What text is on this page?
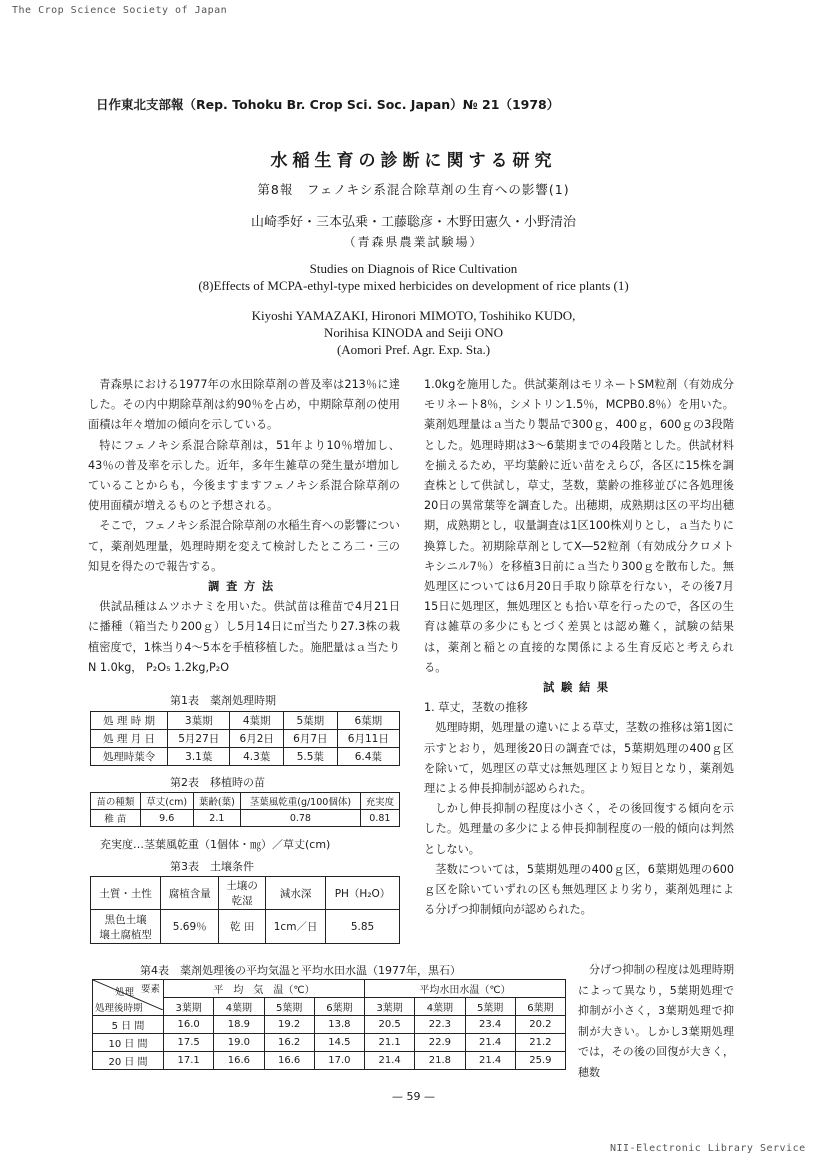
The Crop Science Society of Japan
日作東北支部報（Rep. Tohoku Br. Crop Sci. Soc. Japan）№ 21（1978）
水稲生育の診断に関する研究
第8報　フェノキシ系混合除草剤の生育への影響(1)
山崎季好・三本弘乗・工藤聡彦・木野田憲久・小野清治
（青森県農業試験場）
Studies on Diagnois of Rice Cultivation
(8)Effects of MCPA-ethyl-type mixed herbicides on development of rice plants (1)
Kiyoshi YAMAZAKI, Hironori MIMOTO, Toshihiko KUDO,
Norihisa KINODA and Seiji ONO
(Aomori Pref. Agr. Exp. Sta.)

青森県における1977年の水田除草剤の普及率は213％に達した。その内中期除草剤は約90％を占め，中期除草剤の使用面積は年々増加の傾向を示している。

特にフェノキシ系混合除草剤は，51年より10％増加し、43％の普及率を示した。近年，多年生雑草の発生量が増加していることからも，今後ますますフェノキシ系混合除草剤の使用面積が増えるものと予想される。

そこで，フェノキシ系混合除草剤の水稲生育への影響について，薬剤処理量，処理時期を変えて検討したところ二・三の知見を得たので報告する。

調査方法

供試品種はムツホナミを用いた。供試苗は稚苗で4月21日に播種（箱当たり200ｇ）し5月14日に㎡当たり27.3株の栽植密度で，1株当り4〜5本を手植移植した。施肥量はａ当たりN 1.0kg， P₂O₅ 1.2kg,P₂O

第1表　薬剤処理時期
処 理 時 期	3葉期	4葉期	5葉期	6葉期
処 理 月 日	5月27日	6月2日	6月7日	6月11日
処理時葉令	3.1葉	4.3葉	5.5葉	6.4葉
第2表　移植時の苗
苗の種類	草丈(cm)	葉齢(葉)	茎葉風乾重(g/100個体)	充実度
稚 苗	9.6	2.1	0.78	0.81
充実度…茎葉風乾重（1個体・㎎）／草丈(cm)
第3表　土壌条件
土質・土性	腐植含量	土壌の乾湿	減水深	PH（H₂O）
黒色土壌
壌土腐植型	5.69％	乾 田	1cm／日	5.85

1.0kgを施用した。供試薬剤はモリネートSM粒剤（有効成分モリネート8％，シメトリン1.5％，MCPB0.8％）を用いた。薬剤処理量はａ当たり製品で300ｇ，400ｇ，600ｇの3段階とした。処理時期は3〜6葉期までの4段階とした。供試材料を揃えるため，平均葉齢に近い苗をえらび，各区に15株を調査株として供試し，草丈，茎数，葉齢の推移並びに各処理後20日の異常葉等を調査した。出穂期，成熟期は区の平均出穂期，成熟期とし，収量調査は1区100株刈りとし，ａ当たりに換算した。初期除草剤としてX―52粒剤（有効成分クロメトキシニル7％）を移植3日前にａ当たり300ｇを散布した。無処理区については6月20日手取り除草を行ない，その後7月15日に処理区，無処理区とも拾い草を行ったので，各区の生育は雑草の多少にもとづく差異とは認め難く，試験の結果は，薬剤と稲との直接的な関係による生育反応と考えられる。

試験結果

1. 草丈，茎数の推移

処理時期，処理量の違いによる草丈，茎数の推移は第1図に示すとおり，処理後20日の調査では，5葉期処理の400ｇ区を除いて，処理区の草丈は無処理区より短目となり，薬剤処理による伸長抑制が認められた。

しかし伸長抑制の程度は小さく，その後回復する傾向を示した。処理量の多少による伸長抑制程度の一般的傾向は判然としない。

茎数については，5葉期処理の400ｇ区，6葉期処理の600ｇ区を除いていずれの区も無処理区より劣り，薬剤処理による分げつ抑制傾向が認められた。

第4表　薬剤処理後の平均気温と平均水田水温（1977年，黒石）
要素
処理
処理後時期	平　均　気　温（℃）				平均水田水温（℃）			
	3葉期	4葉期	5葉期	6葉期	3葉期	4葉期	5葉期	6葉期
5 日 間	16.0	18.9	19.2	13.8	20.5	22.3	23.4	20.2
10 日 間	17.5	19.0	16.2	14.5	21.1	22.9	21.4	21.2
20 日 間	17.1	16.6	16.6	17.0	21.4	21.8	21.4	25.9

分げつ抑制の程度は処理時期によって異なり，5葉期処理で抑制が小さく，3葉期処理で抑制が大きい。しかし3葉期処理では，その後の回復が大きく，穂数

— 59 —
NII-Electronic Library Service
